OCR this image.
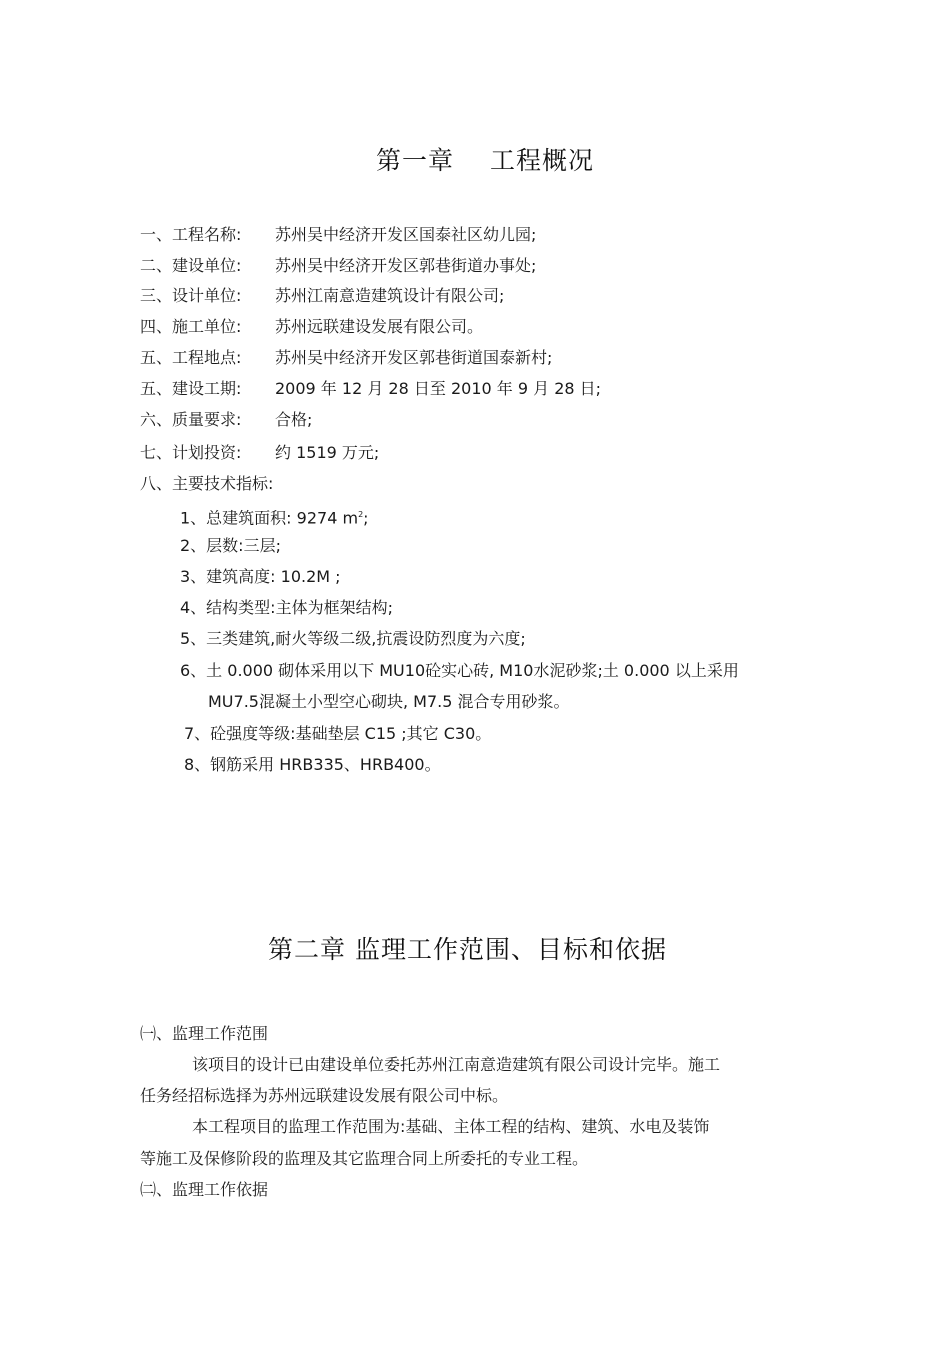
第一章 工程概况
一、工程名称: 苏州吴中经济开发区国泰社区幼儿园;
二、建设单位: 苏州吴中经济开发区郭巷街道办事处;
三、设计单位: 苏州江南意造建筑设计有限公司;
四、施工单位: 苏州远联建设发展有限公司。
五、工程地点: 苏州吴中经济开发区郭巷街道国泰新村;
五、建设工期: 2009 年 12 月 28 日至 2010 年 9 月 28 日;
六、质量要求: 合格;
七、计划投资: 约 1519 万元;
八、主要技术指标:
1、总建筑面积: 9274 $m^2$;
2、层数:三层;
3、建筑高度: 10.2M ;
4、结构类型:主体为框架结构;
5、三类建筑,耐火等级二级,抗震设防烈度为六度;
6、土 0.000 砌体采用以下 MU10砼实心砖, M10水泥砂浆;土 0.000 以上采用
MU7.5混凝土小型空心砌块, M7.5 混合专用砂浆。
7、砼强度等级:基础垫层 C15 ;其它 C30。
8、钢筋采用 HRB335、HRB400。
第二章 监理工作范围、目标和依据
㈠、监理工作范围
该项目的设计已由建设单位委托苏州江南意造建筑有限公司设计完毕。施工
任务经招标选择为苏州远联建设发展有限公司中标。
本工程项目的监理工作范围为:基础、主体工程的结构、建筑、水电及装饰
等施工及保修阶段的监理及其它监理合同上所委托的专业工程。
㈡、监理工作依据
